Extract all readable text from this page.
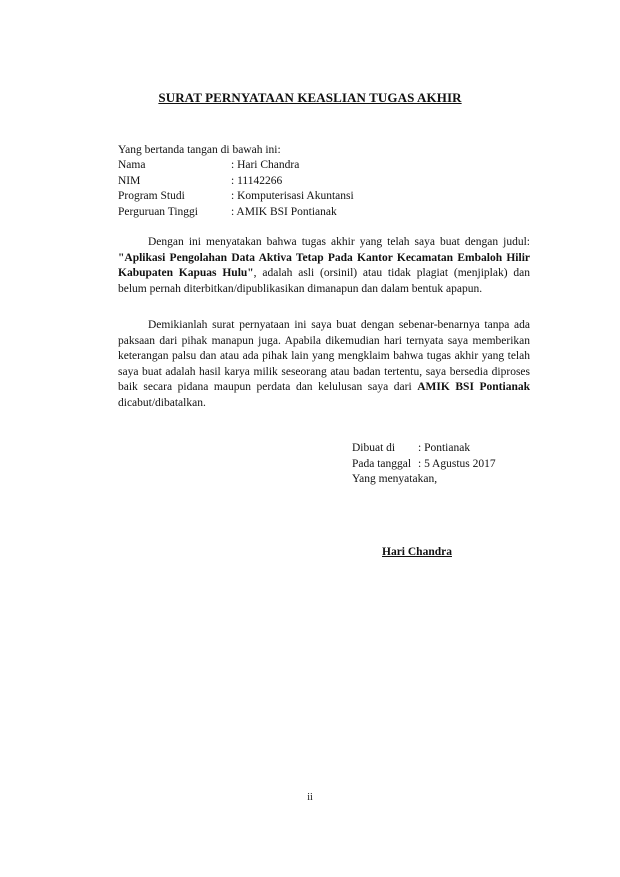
SURAT PERNYATAAN KEASLIAN TUGAS AKHIR
Yang bertanda tangan di bawah ini:
Nama	: Hari Chandra
NIM	: 11142266
Program Studi	: Komputerisasi Akuntansi
Perguruan Tinggi	: AMIK BSI Pontianak
Dengan ini menyatakan bahwa tugas akhir yang telah saya buat dengan judul: "Aplikasi Pengolahan Data Aktiva Tetap Pada Kantor Kecamatan Embaloh Hilir Kabupaten Kapuas Hulu", adalah asli (orsinil) atau tidak plagiat (menjiplak) dan belum pernah diterbitkan/dipublikasikan dimanapun dan dalam bentuk apapun.
Demikianlah surat pernyataan ini saya buat dengan sebenar-benarnya tanpa ada paksaan dari pihak manapun juga. Apabila dikemudian hari ternyata saya memberikan keterangan palsu dan atau ada pihak lain yang mengklaim bahwa tugas akhir yang telah saya buat adalah hasil karya milik seseorang atau badan tertentu, saya bersedia diproses baik secara pidana maupun perdata dan kelulusan saya dari AMIK BSI Pontianak dicabut/dibatalkan.
Dibuat di	: Pontianak
Pada tanggal : 5 Agustus 2017
Yang menyatakan,
Hari Chandra
ii
